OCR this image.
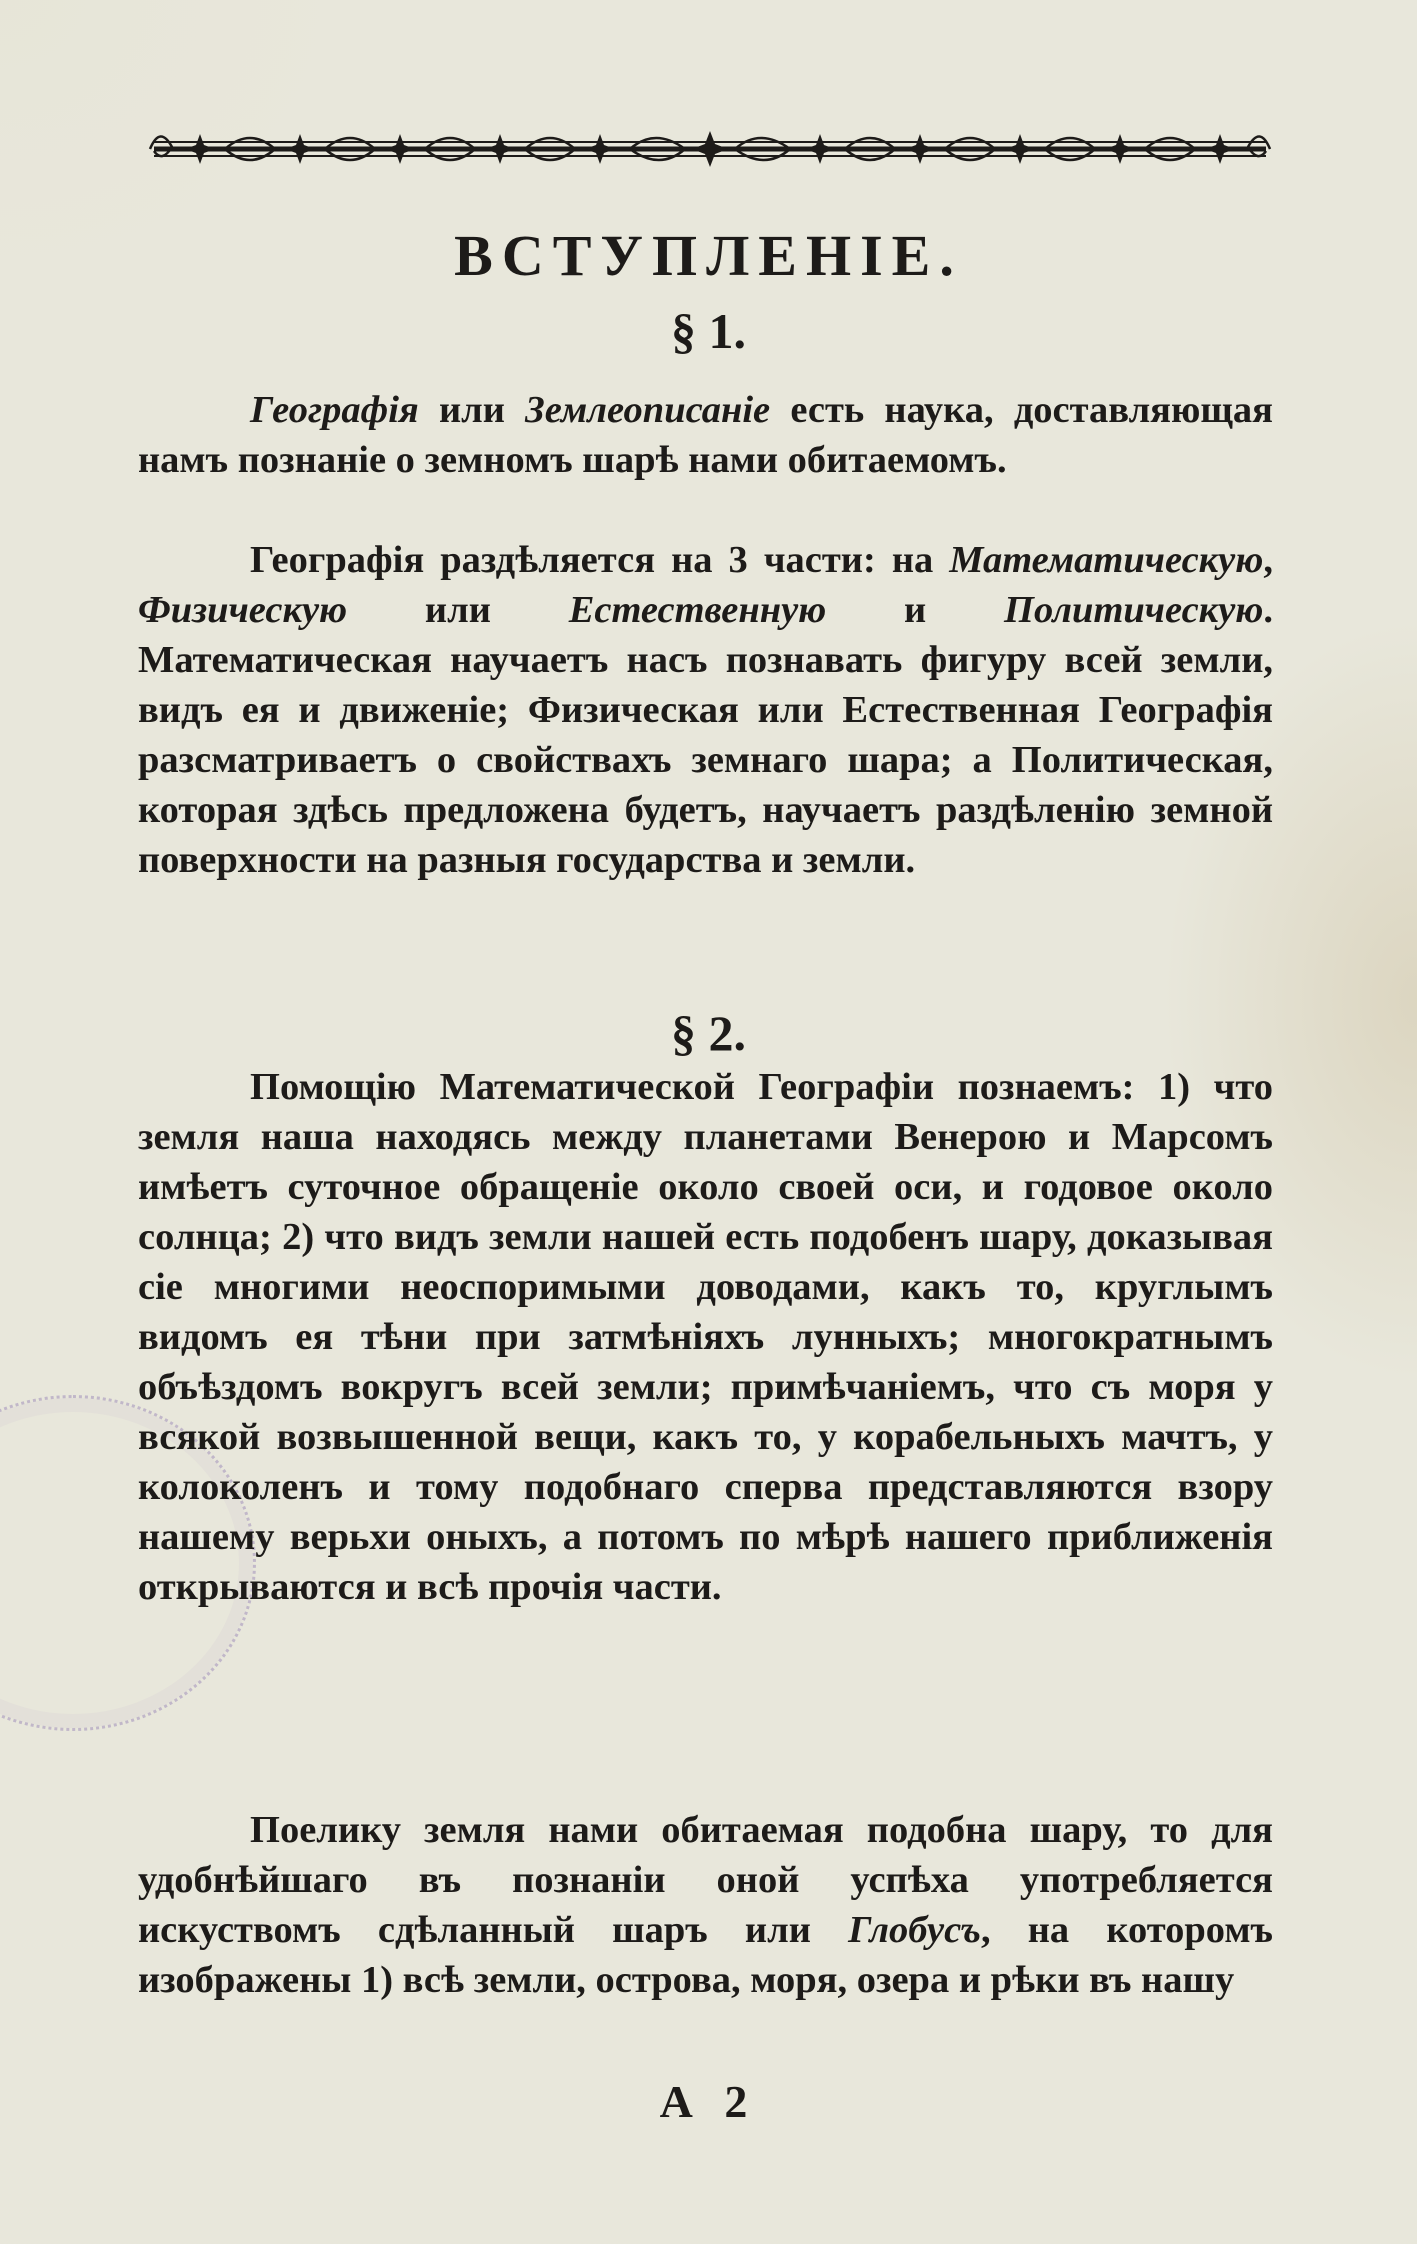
ВСТУПЛЕНIЕ.
§ 1.
Географiя или Землеописанiе есть наука, доставляющая намъ познанiе о земномъ шарѣ нами обитаемомъ.
Географiя раздѣляется на 3 части: на Математическую, Физическую или Естественную и Политическую. Математическая научаетъ насъ познавать фигуру всей земли, видъ ея и движенiе; Физическая или Естественная Географiя разсматриваетъ о свойствахъ земнаго шара; а Политическая, которая здѣсь предложена будетъ, научаетъ раздѣленiю земной поверхности на разныя государства и земли.
§ 2.
Помощiю Математической Географiи познаемъ: 1) что земля наша находясь между планетами Венерою и Марсомъ имѣетъ суточное обращенiе около своей оси, и годовое около солнца; 2) что видъ земли нашей есть подобенъ шару, доказывая сiе многими неоспоримыми доводами, какъ то, круглымъ видомъ ея тѣни при затмѣнiяхъ лунныхъ; многократнымъ объѣздомъ вокругъ всей земли; примѣчанiемъ, что съ моря у всякой возвышенной вещи, какъ то, у корабельныхъ мачтъ, у колоколенъ и тому подобнаго сперва представляются взору нашему верьхи оныхъ, а потомъ по мѣрѣ нашего приближенiя открываются и всѣ прочiя части.
Поелику земля нами обитаемая подобна шару, то для удобнѣйшаго въ познанiи оной успѣха употребляется искуствомъ сдѣланный шаръ или Глобусъ, на которомъ изображены 1) всѣ земли, острова, моря, озера и рѣки въ нашу
А 2
